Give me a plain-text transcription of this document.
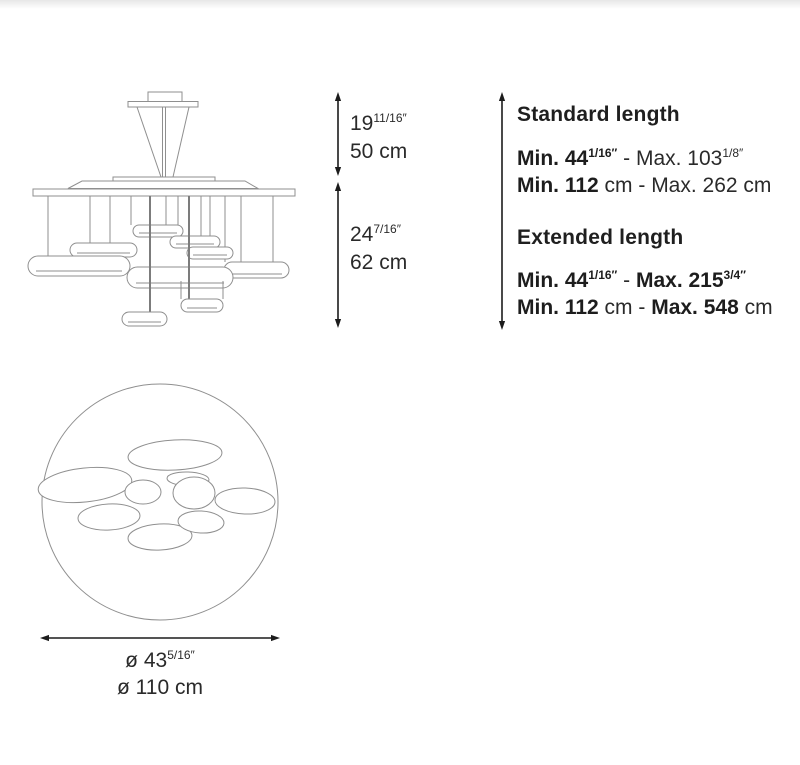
$19^{11/16''}$
50 cm
$24^{7/16''}$
62 cm
Standard length
Min. $44^{1/16''}$ - Max. $103^{1/8''}$
Min. 112 cm - Max. 262 cm
Extended length
Min. $44^{1/16''}$ - Max. $215^{3/4''}$
Min. 112 cm - Max. 548 cm
ø $43^{5/16''}$
ø 110 cm
